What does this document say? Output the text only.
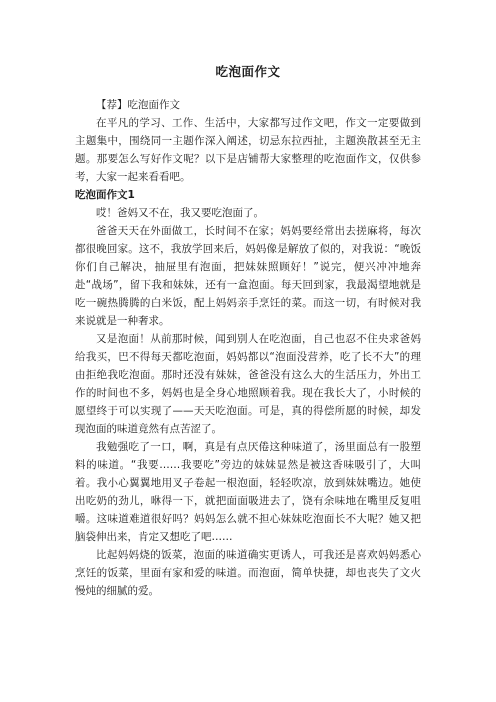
吃泡面作文

【荐】吃泡面作文

在平凡的学习、工作、生活中，大家都写过作文吧，作文一定要做到主题集中，围绕同一主题作深入阐述，切忌东拉西扯，主题涣散甚至无主题。那要怎么写好作文呢？以下是店铺帮大家整理的吃泡面作文，仅供参考，大家一起来看看吧。

吃泡面作文1

哎！爸妈又不在，我又要吃泡面了。

爸爸天天在外面做工，长时间不在家；妈妈要经常出去搓麻将，每次都很晚回家。这不，我放学回来后，妈妈像是解放了似的，对我说：“晚饭你们自己解决，抽屉里有泡面，把妹妹照顾好！”说完，便兴冲冲地奔赴“战场”，留下我和妹妹，还有一盒泡面。每天回到家，我最渴望地就是吃一碗热腾腾的白米饭，配上妈妈亲手烹饪的菜。而这一切，有时候对我来说就是一种奢求。

又是泡面！从前那时候，闻到别人在吃泡面，自己也忍不住央求爸妈给我买，巴不得每天都吃泡面，妈妈都以“泡面没营养，吃了长不大”的理由拒绝我吃泡面。那时还没有妹妹，爸爸没有这么大的生活压力，外出工作的时间也不多，妈妈也是全身心地照顾着我。现在我长大了，小时候的愿望终于可以实现了——天天吃泡面。可是，真的得偿所愿的时候，却发现泡面的味道竟然有点苦涩了。

我勉强吃了一口，啊，真是有点厌倦这种味道了，汤里面总有一股塑料的味道。“我要……我要吃”旁边的妹妹显然是被这香味吸引了，大叫着。我小心翼翼地用叉子卷起一根泡面，轻轻吹凉，放到妹妹嘴边。她使出吃奶的劲儿，咻得一下，就把面面吸进去了，饶有余味地在嘴里反复咀嚼。这味道难道很好吗？妈妈怎么就不担心妹妹吃泡面长不大呢？她又把脑袋伸出来，肯定又想吃了吧……

比起妈妈烧的饭菜，泡面的味道确实更诱人，可我还是喜欢妈妈悉心烹饪的饭菜，里面有家和爱的味道。而泡面，简单快捷，却也丧失了文火慢炖的细腻的爱。
